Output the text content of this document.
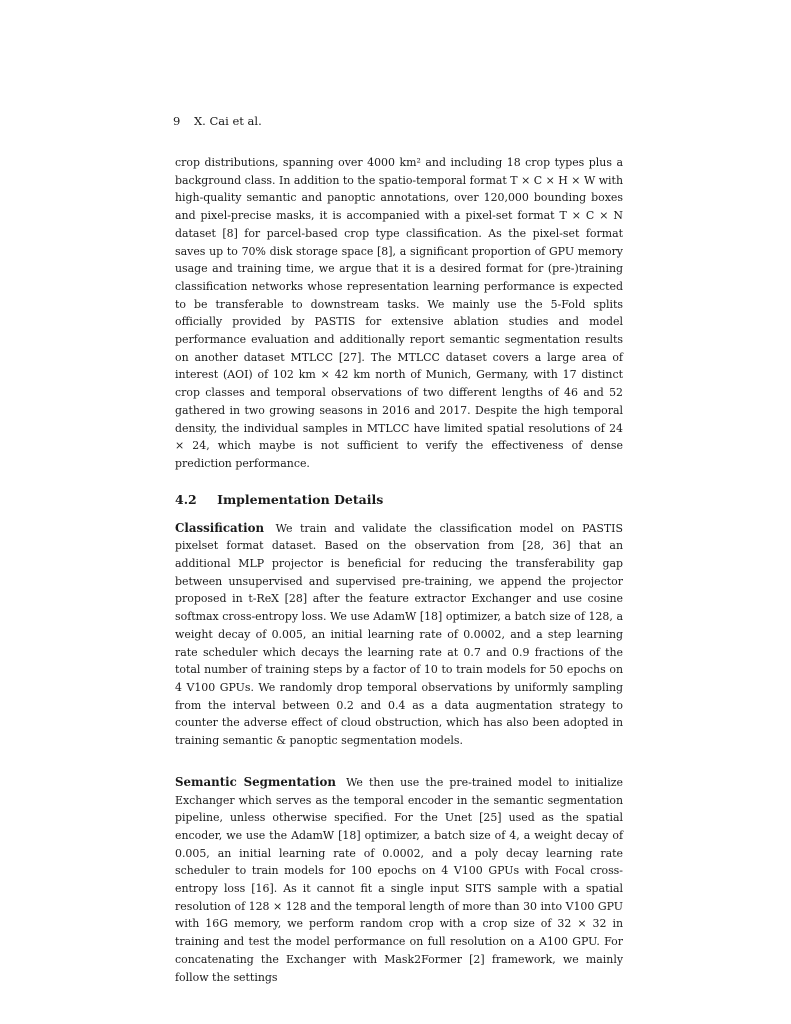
9 X. Cai et al.

crop distributions, spanning over 4000 km² and including 18 crop types plus a background class. In addition to the spatio-temporal format T × C × H × W with high-quality semantic and panoptic annotations, over 120,000 bounding boxes and pixel-precise masks, it is accompanied with a pixel-set format T × C × N dataset [8] for parcel-based crop type classification. As the pixel-set format saves up to 70% disk storage space [8], a significant proportion of GPU memory usage and training time, we argue that it is a desired format for (pre-)training classification networks whose representation learning performance is expected to be transferable to downstream tasks. We mainly use the 5-Fold splits officially provided by PASTIS for extensive ablation studies and model performance evaluation and additionally report semantic segmentation results on another dataset MTLCC [27]. The MTLCC dataset covers a large area of interest (AOI) of 102 km × 42 km north of Munich, Germany, with 17 distinct crop classes and temporal observations of two different lengths of 46 and 52 gathered in two growing seasons in 2016 and 2017. Despite the high temporal density, the individual samples in MTLCC have limited spatial resolutions of 24 × 24, which maybe is not sufficient to verify the effectiveness of dense prediction performance.

4.2 Implementation Details

Classification We train and validate the classification model on PASTIS pixelset format dataset. Based on the observation from [28, 36] that an additional MLP projector is beneficial for reducing the transferability gap between unsupervised and supervised pre-training, we append the projector proposed in t-ReX [28] after the feature extractor Exchanger and use cosine softmax cross-entropy loss. We use AdamW [18] optimizer, a batch size of 128, a weight decay of 0.005, an initial learning rate of 0.0002, and a step learning rate scheduler which decays the learning rate at 0.7 and 0.9 fractions of the total number of training steps by a factor of 10 to train models for 50 epochs on 4 V100 GPUs. We randomly drop temporal observations by uniformly sampling from the interval between 0.2 and 0.4 as a data augmentation strategy to counter the adverse effect of cloud obstruction, which has also been adopted in training semantic & panoptic segmentation models.

Semantic Segmentation We then use the pre-trained model to initialize Exchanger which serves as the temporal encoder in the semantic segmentation pipeline, unless otherwise specified. For the Unet [25] used as the spatial encoder, we use the AdamW [18] optimizer, a batch size of 4, a weight decay of 0.005, an initial learning rate of 0.0002, and a poly decay learning rate scheduler to train models for 100 epochs on 4 V100 GPUs with Focal cross-entropy loss [16]. As it cannot fit a single input SITS sample with a spatial resolution of 128 × 128 and the temporal length of more than 30 into V100 GPU with 16G memory, we perform random crop with a crop size of 32 × 32 in training and test the model performance on full resolution on a A100 GPU. For concatenating the Exchanger with Mask2Former [2] framework, we mainly follow the settings
